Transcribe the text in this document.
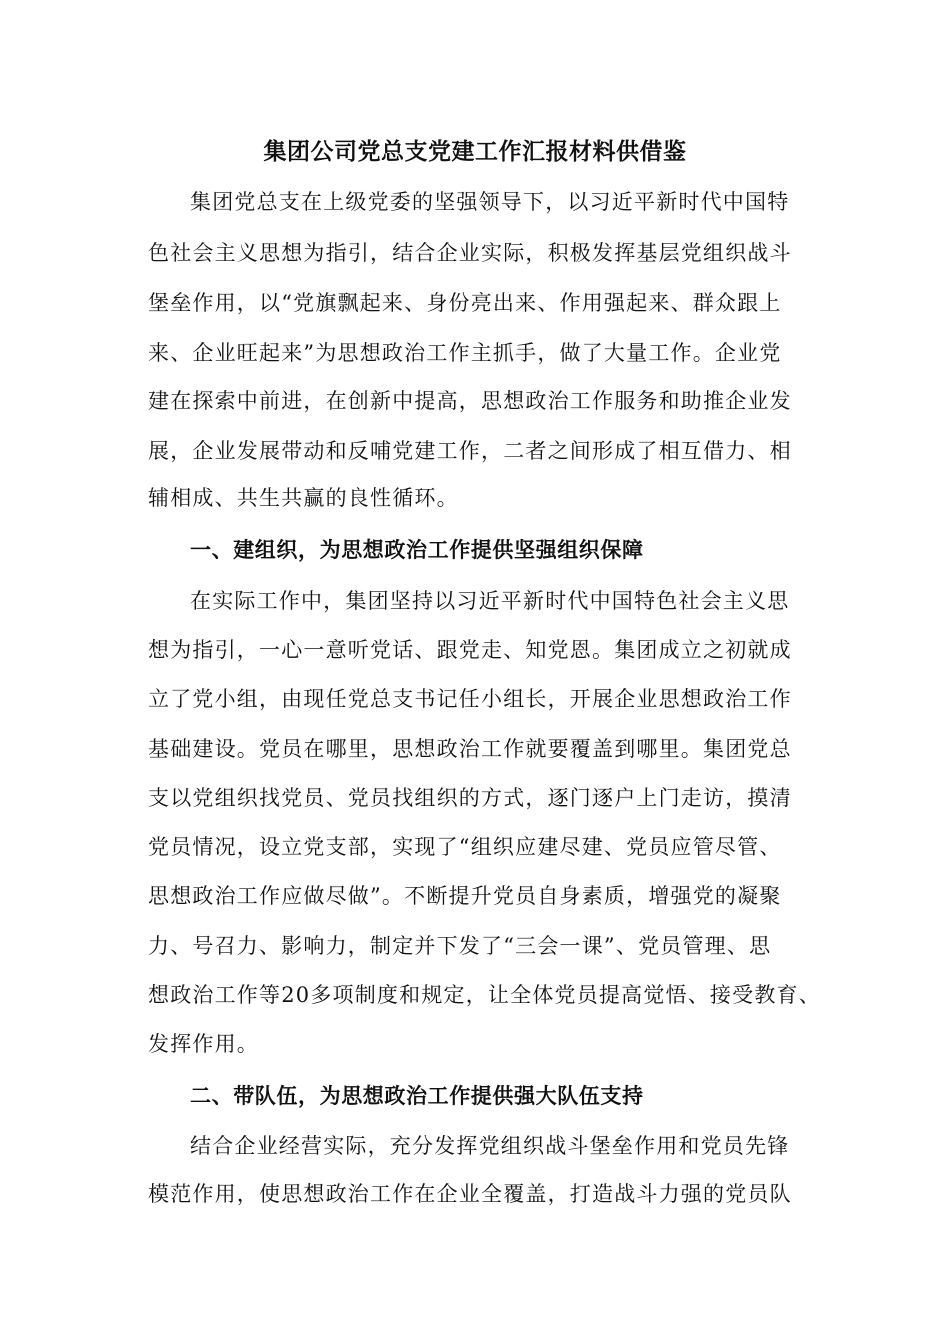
集团公司党总支党建工作汇报材料供借鉴
集团党总支在上级党委的坚强领导下，以习近平新时代中国特
色社会主义思想为指引，结合企业实际，积极发挥基层党组织战斗
堡垒作用，以“党旗飘起来、身份亮出来、作用强起来、群众跟上
来、企业旺起来”为思想政治工作主抓手，做了大量工作。企业党
建在探索中前进，在创新中提高，思想政治工作服务和助推企业发
展，企业发展带动和反哺党建工作，二者之间形成了相互借力、相
辅相成、共生共赢的良性循环。
一、建组织，为思想政治工作提供坚强组织保障
在实际工作中，集团坚持以习近平新时代中国特色社会主义思
想为指引，一心一意听党话、跟党走、知党恩。集团成立之初就成
立了党小组，由现任党总支书记任小组长，开展企业思想政治工作
基础建设。党员在哪里，思想政治工作就要覆盖到哪里。集团党总
支以党组织找党员、党员找组织的方式，逐门逐户上门走访，摸清
党员情况，设立党支部，实现了“组织应建尽建、党员应管尽管、
思想政治工作应做尽做”。不断提升党员自身素质，增强党的凝聚
力、号召力、影响力，制定并下发了“三会一课”、党员管理、思
想政治工作等20多项制度和规定，让全体党员提高觉悟、接受教育、
发挥作用。
二、带队伍，为思想政治工作提供强大队伍支持
结合企业经营实际，充分发挥党组织战斗堡垒作用和党员先锋
模范作用，使思想政治工作在企业全覆盖，打造战斗力强的党员队
